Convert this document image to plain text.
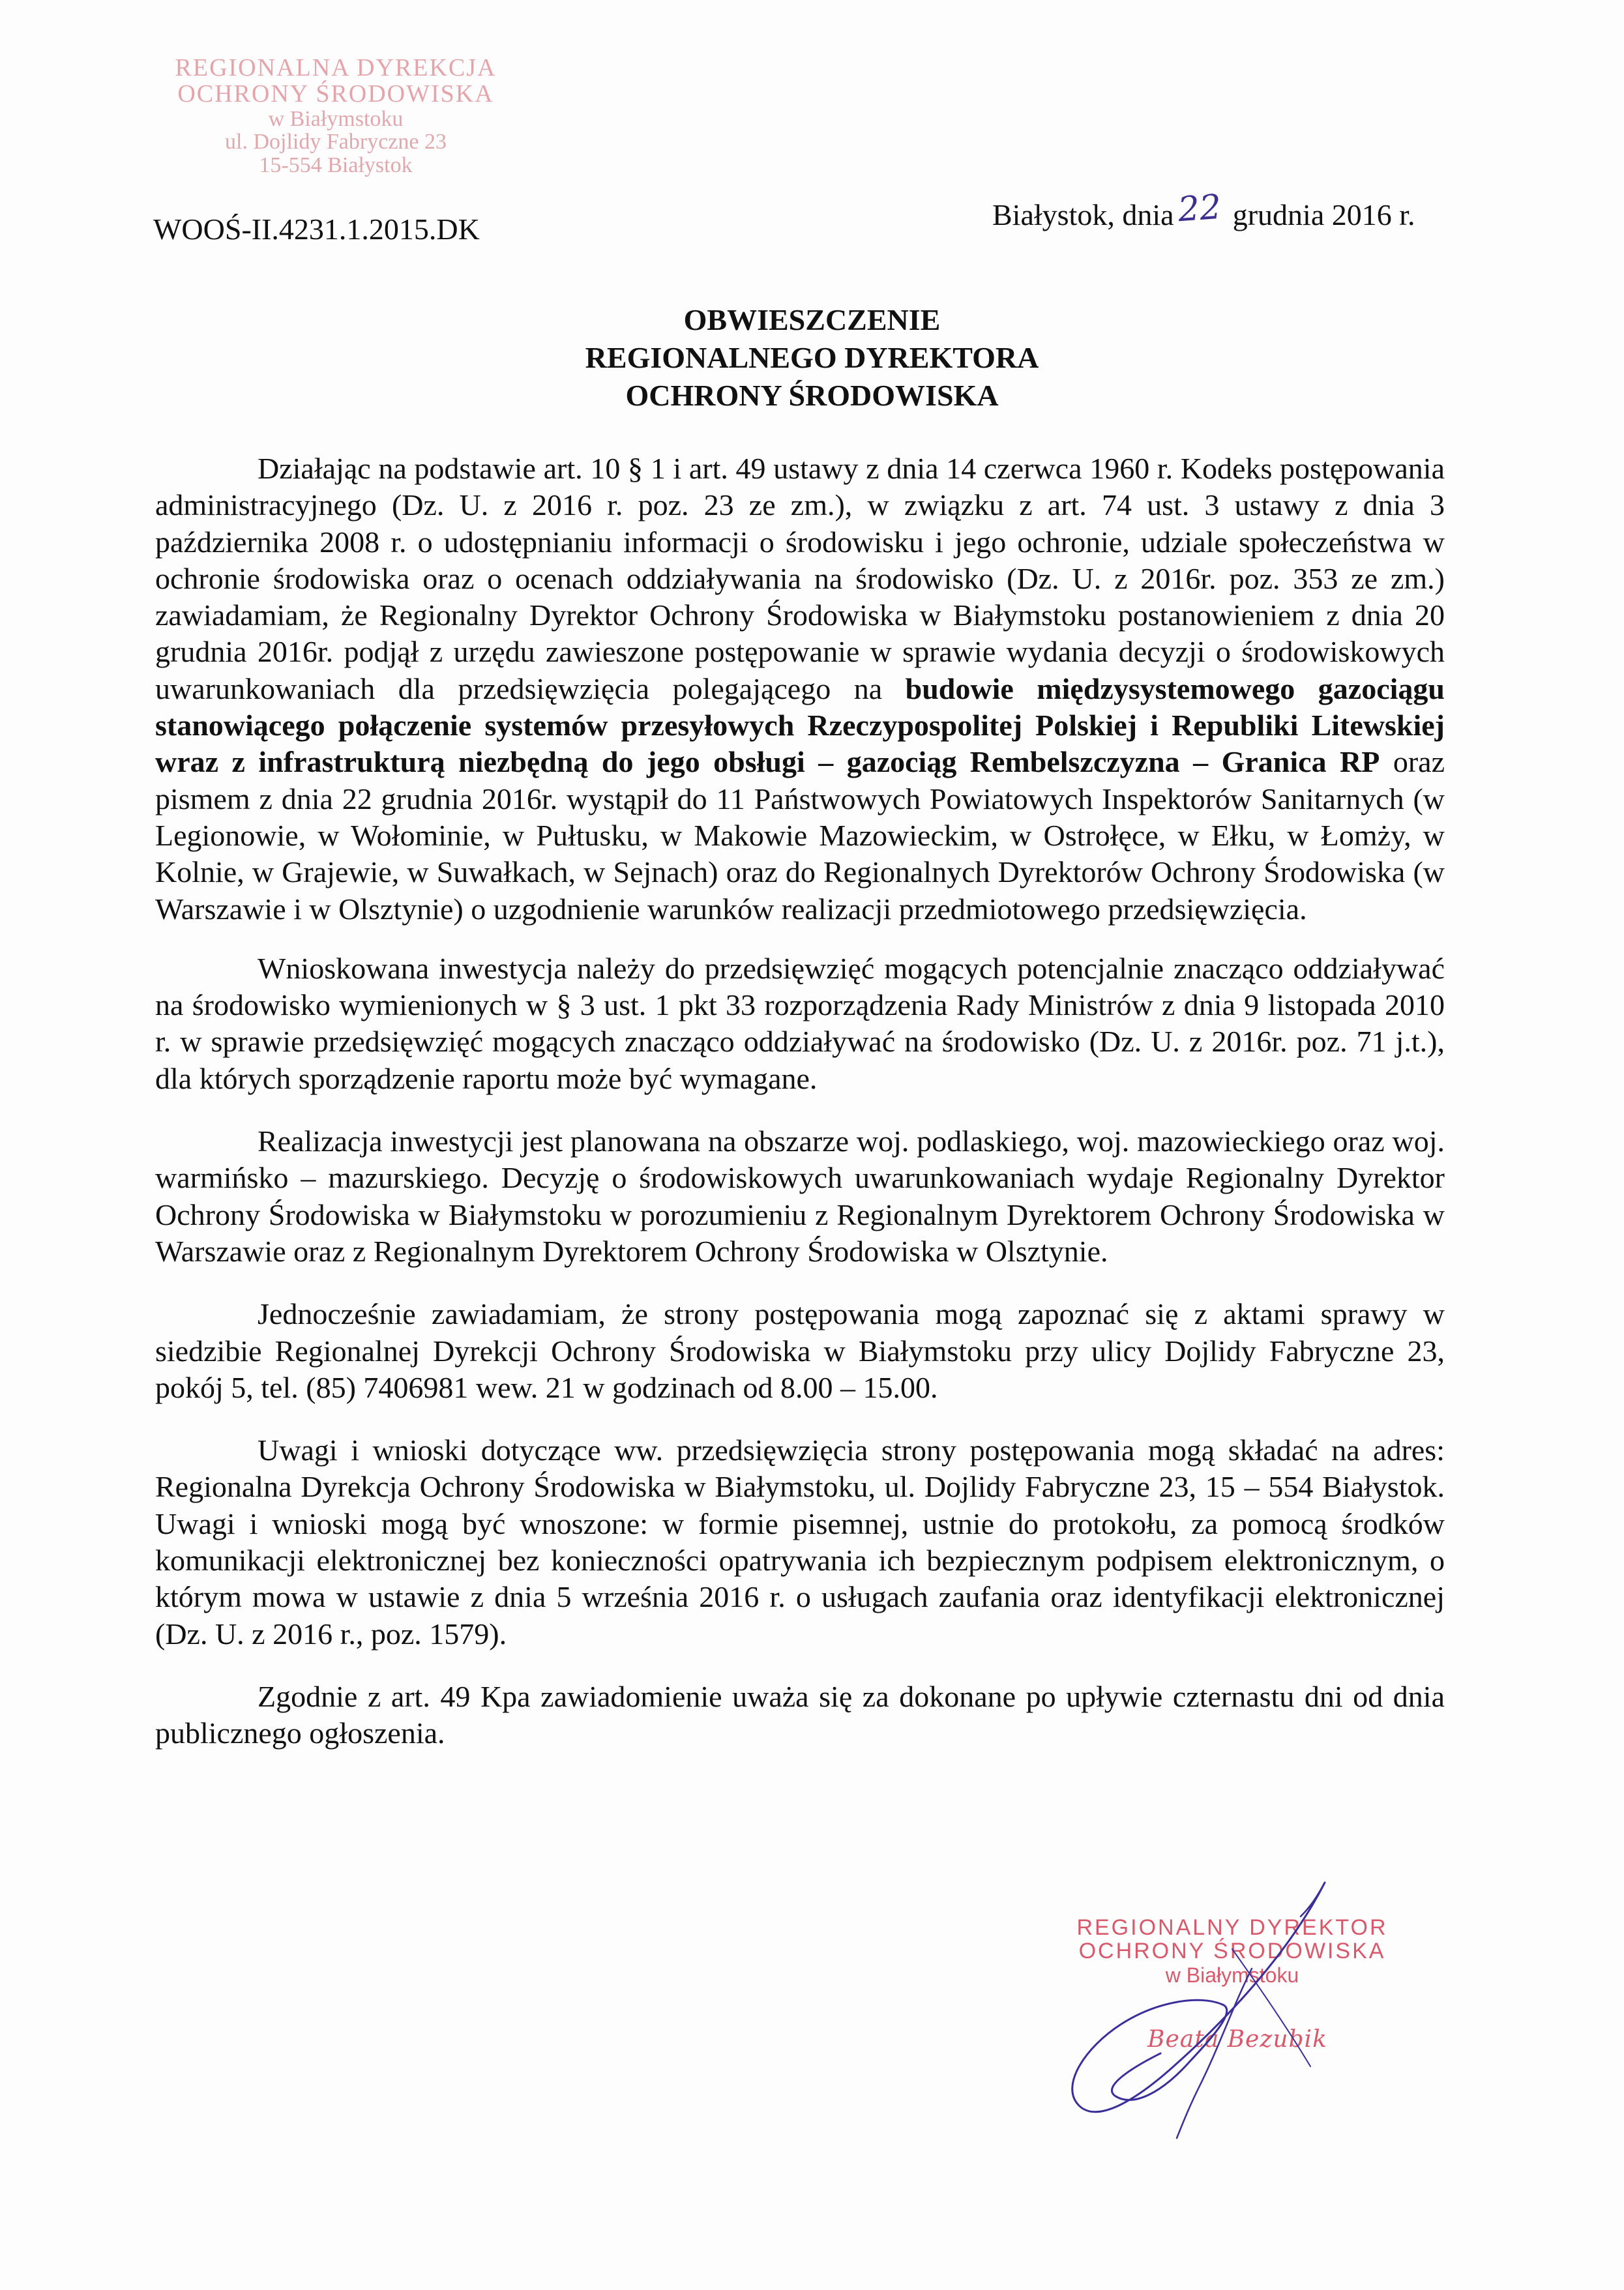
REGIONALNA DYREKCJA
OCHRONY ŚRODOWISKA
w Białymstoku
ul. Dojlidy Fabryczne 23
15-554 Białystok
WOOŚ-II.4231.1.2015.DK	Białystok, dnia22 grudnia 2016 r.
OBWIESZCZENIE
REGIONALNEGO DYREKTORA
OCHRONY ŚRODOWISKA

Działając na podstawie art. 10 § 1 i art. 49 ustawy z dnia 14 czerwca 1960 r. Kodeks postępowania administracyjnego (Dz. U. z 2016 r. poz. 23 ze zm.), w związku z art. 74 ust. 3 ustawy z dnia 3 października 2008 r. o udostępnianiu informacji o środowisku i jego ochronie, udziale społeczeństwa w ochronie środowiska oraz o ocenach oddziaływania na środowisko (Dz. U. z 2016r. poz. 353 ze zm.) zawiadamiam, że Regionalny Dyrektor Ochrony Środowiska w Białymstoku postanowieniem z dnia 20 grudnia 2016r. podjął z urzędu zawieszone postępowanie w sprawie wydania decyzji o środowiskowych uwarunkowaniach dla przedsięwzięcia polegającego na budowie międzysystemowego gazociągu stanowiącego połączenie systemów przesyłowych Rzeczypospolitej Polskiej i Republiki Litewskiej wraz z infrastrukturą niezbędną do jego obsługi – gazociąg Rembelszczyzna – Granica RP oraz pismem z dnia 22 grudnia 2016r. wystąpił do 11 Państwowych Powiatowych Inspektorów Sanitarnych (w Legionowie, w Wołominie, w Pułtusku, w Makowie Mazowieckim, w Ostrołęce, w Ełku, w Łomży, w Kolnie, w Grajewie, w Suwałkach, w Sejnach) oraz do Regionalnych Dyrektorów Ochrony Środowiska (w Warszawie i w Olsztynie) o uzgodnienie warunków realizacji przedmiotowego przedsięwzięcia.

Wnioskowana inwestycja należy do przedsięwzięć mogących potencjalnie znacząco oddziaływać na środowisko wymienionych w § 3 ust. 1 pkt 33 rozporządzenia Rady Ministrów z dnia 9 listopada 2010 r. w sprawie przedsięwzięć mogących znacząco oddziaływać na środowisko (Dz. U. z 2016r. poz. 71 j.t.), dla których sporządzenie raportu może być wymagane.

Realizacja inwestycji jest planowana na obszarze woj. podlaskiego, woj. mazowieckiego oraz woj. warmińsko – mazurskiego. Decyzję o środowiskowych uwarunkowaniach wydaje Regionalny Dyrektor Ochrony Środowiska w Białymstoku w porozumieniu z Regionalnym Dyrektorem Ochrony Środowiska w Warszawie oraz z Regionalnym Dyrektorem Ochrony Środowiska w Olsztynie.

Jednocześnie zawiadamiam, że strony postępowania mogą zapoznać się z aktami sprawy w siedzibie Regionalnej Dyrekcji Ochrony Środowiska w Białymstoku przy ulicy Dojlidy Fabryczne 23, pokój 5, tel. (85) 7406981 wew. 21 w godzinach od 8.00 – 15.00.

Uwagi i wnioski dotyczące ww. przedsięwzięcia strony postępowania mogą składać na adres: Regionalna Dyrekcja Ochrony Środowiska w Białymstoku, ul. Dojlidy Fabryczne 23, 15 – 554 Białystok. Uwagi i wnioski mogą być wnoszone: w formie pisemnej, ustnie do protokołu, za pomocą środków komunikacji elektronicznej bez konieczności opatrywania ich bezpiecznym podpisem elektronicznym, o którym mowa w ustawie z dnia 5 września 2016 r. o usługach zaufania oraz identyfikacji elektronicznej (Dz. U. z 2016 r., poz. 1579).

Zgodnie z art. 49 Kpa zawiadomienie uważa się za dokonane po upływie czternastu dni od dnia publicznego ogłoszenia.

REGIONALNY DYREKTOR
OCHRONY ŚRODOWISKA
w Białymstoku
Beata Bezubik
